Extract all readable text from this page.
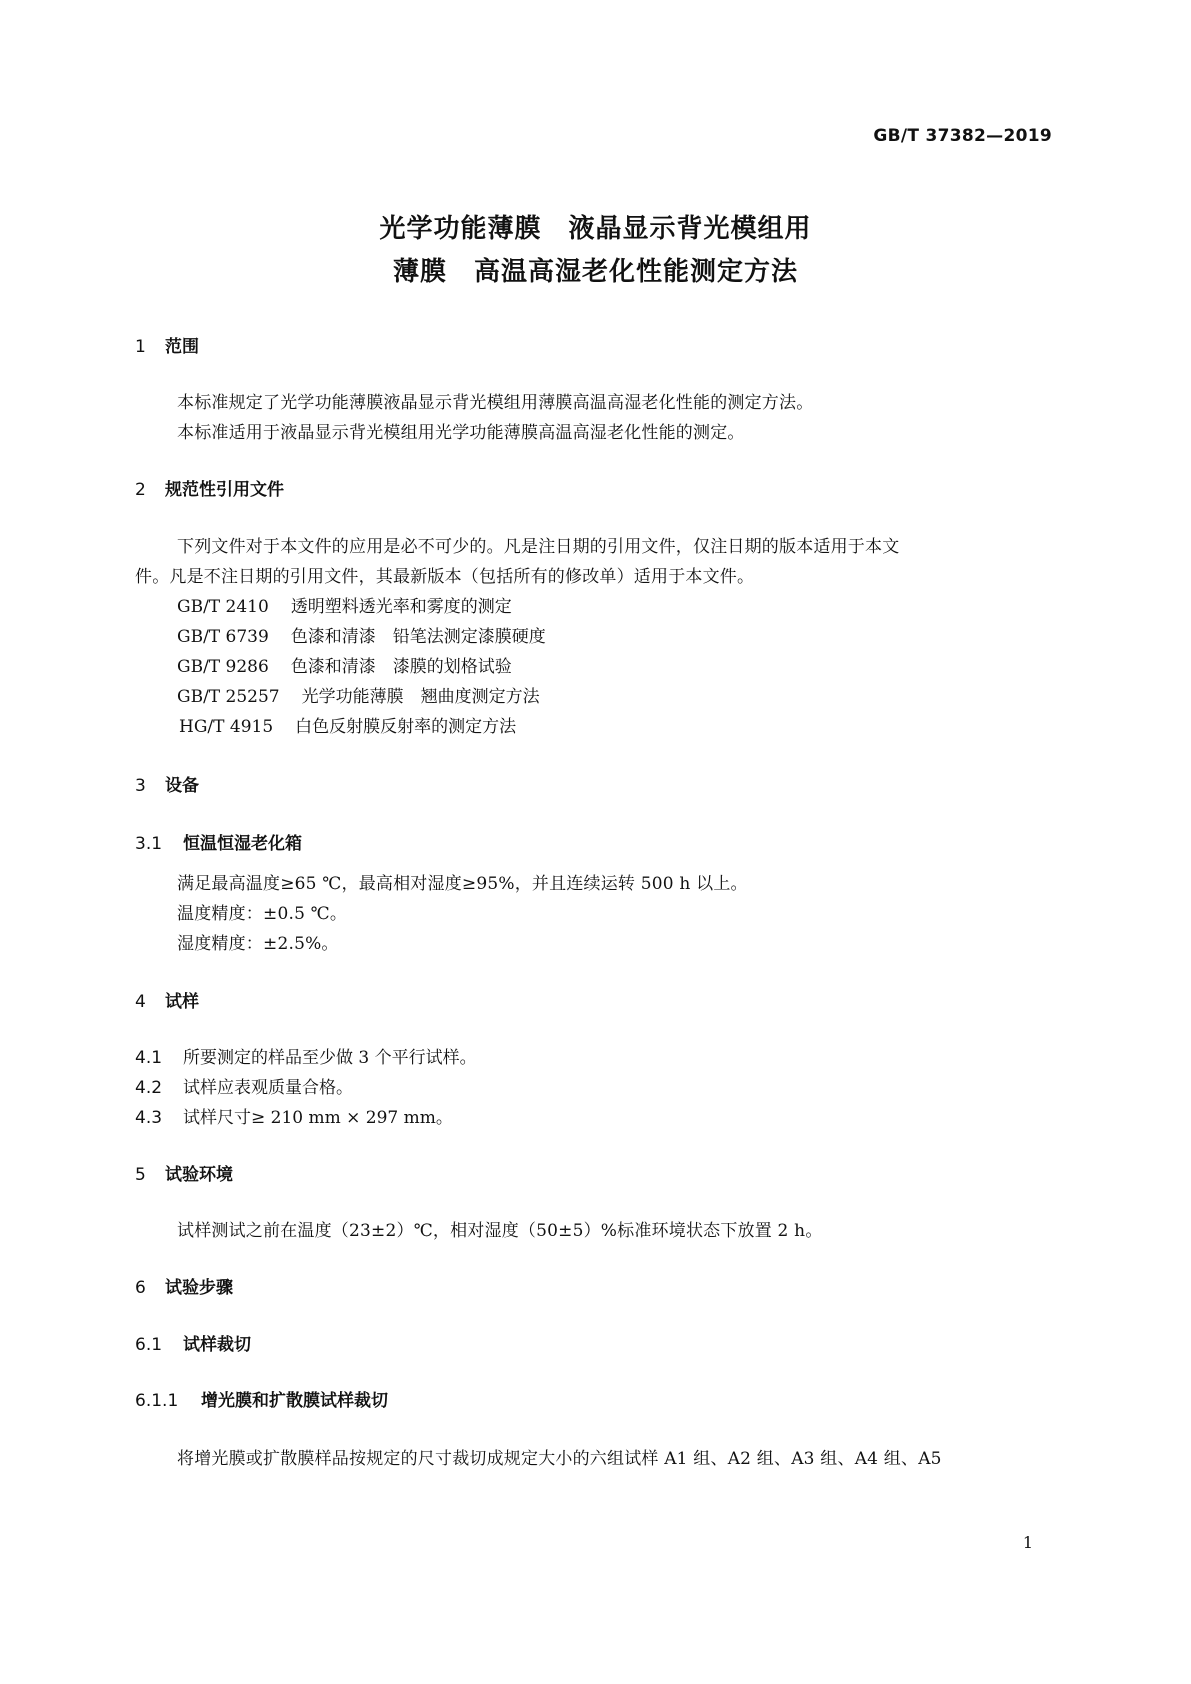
GB/T 37382—2019
光学功能薄膜　液晶显示背光模组用
薄膜　高温高湿老化性能测定方法
1 范围
本标准规定了光学功能薄膜液晶显示背光模组用薄膜高温高湿老化性能的测定方法。
本标准适用于液晶显示背光模组用光学功能薄膜高温高湿老化性能的测定。
2 规范性引用文件
下列文件对于本文件的应用是必不可少的。凡是注日期的引用文件，仅注日期的版本适用于本文
件。凡是不注日期的引用文件，其最新版本（包括所有的修改单）适用于本文件。
GB/T 2410 透明塑料透光率和雾度的测定
GB/T 6739 色漆和清漆　铅笔法测定漆膜硬度
GB/T 9286 色漆和清漆　漆膜的划格试验
GB/T 25257 光学功能薄膜　翘曲度测定方法
HG/T 4915 白色反射膜反射率的测定方法
3 设备
3.1 恒温恒湿老化箱
满足最高温度≥65 ℃，最高相对湿度≥95%，并且连续运转 500 h 以上。
温度精度：±0.5 ℃。
湿度精度：±2.5%。
4 试样
4.1 所要测定的样品至少做 3 个平行试样。
4.2 试样应表观质量合格。
4.3 试样尺寸≥ 210 mm × 297 mm。
5 试验环境
试样测试之前在温度（23±2）℃，相对湿度（50±5）%标准环境状态下放置 2 h。
6 试验步骤
6.1 试样裁切
6.1.1 增光膜和扩散膜试样裁切
将增光膜或扩散膜样品按规定的尺寸裁切成规定大小的六组试样 A1 组、A2 组、A3 组、A4 组、A5
1
